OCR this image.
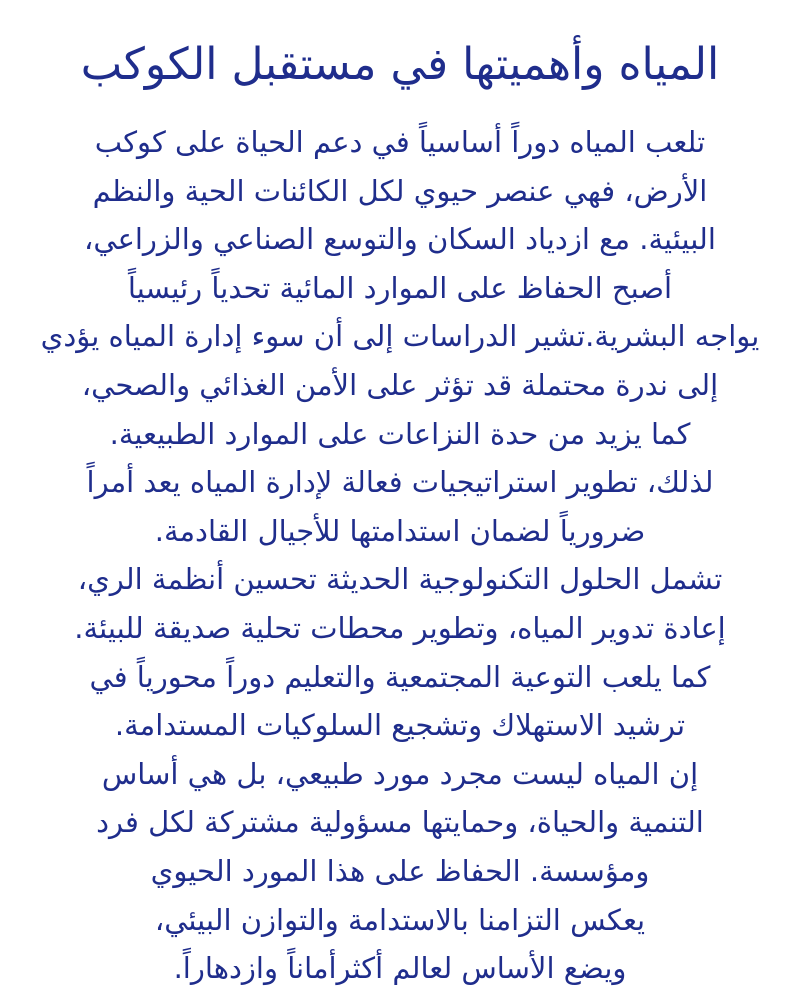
المياه وأهميتها في مستقبل الكوكب
تلعب المياه دوراً أساسياً في دعم الحياة على كوكب
الأرض، فهي عنصر حيوي لكل الكائنات الحية والنظم
البيئية. مع ازدياد السكان والتوسع الصناعي والزراعي،
أصبح الحفاظ على الموارد المائية تحدياً رئيسياً
يواجه البشرية.تشير الدراسات إلى أن سوء إدارة المياه يؤدي
إلى ندرة محتملة قد تؤثر على الأمن الغذائي والصحي،
كما يزيد من حدة النزاعات على الموارد الطبيعية.
لذلك، تطوير استراتيجيات فعالة لإدارة المياه يعد أمراً
ضرورياً لضمان استدامتها للأجيال القادمة.
تشمل الحلول التكنولوجية الحديثة تحسين أنظمة الري،
إعادة تدوير المياه، وتطوير محطات تحلية صديقة للبيئة.
كما يلعب التوعية المجتمعية والتعليم دوراً محورياً في
ترشيد الاستهلاك وتشجيع السلوكيات المستدامة.
إن المياه ليست مجرد مورد طبيعي، بل هي أساس
التنمية والحياة، وحمايتها مسؤولية مشتركة لكل فرد
ومؤسسة. الحفاظ على هذا المورد الحيوي
يعكس التزامنا بالاستدامة والتوازن البيئي،
ويضع الأساس لعالم أكثرأماناً وازدهاراً.
